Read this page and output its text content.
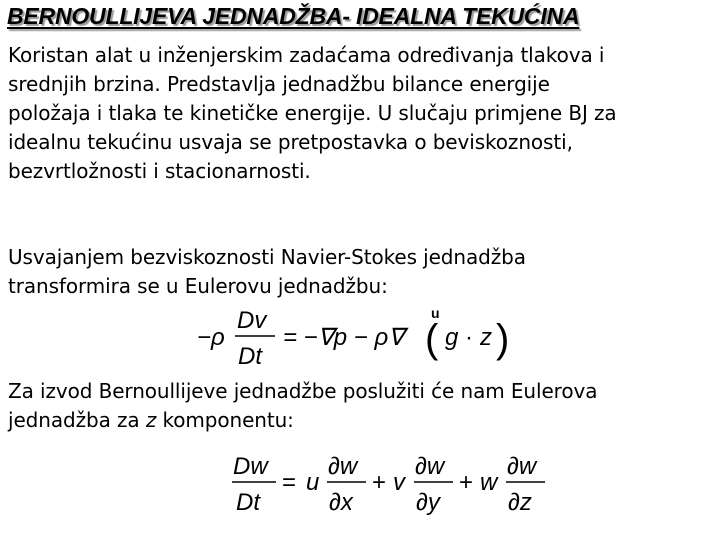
BERNOULLIJEVA JEDNADŽBA- IDEALNA TEKUĆINA
Koristan alat u inženjerskim zadaćama određivanja tlakova i
srednjih brzina. Predstavlja jednadžbu bilance energije
položaja i tlaka te kinetičke energije. U slučaju primjene BJ za
idealnu tekućinu usvaja se pretpostavka o beviskoznosti,
bezvrtložnosti i stacionarnosti.
Usvajanjem bezviskoznosti Navier-Stokes jednadžba
transformira se u Eulerovu jednadžbu:
−ρ
Dv
Dt
= −∇p − ρ∇ (
u
g · z )
Za izvod Bernoullijeve jednadžbe poslužiti će nam Eulerova
jednadžba za z komponentu:
Dw
Dt
= u
∂w
∂x
+ v
∂w
∂y
+ w
∂w
∂z
